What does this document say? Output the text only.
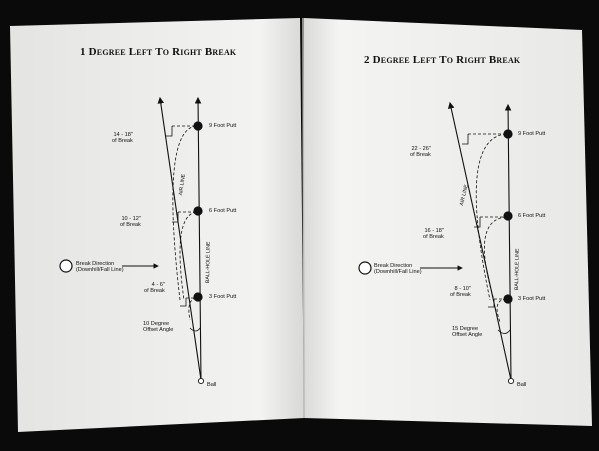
1 Degree Left To Right Break
9 Foot Putt
6 Foot Putt
3 Foot Putt
14 - 18"
of Break
10 - 12"
of Break
4 - 6"
of Break
10 Degree
Offset Angle
Break Direction
(Downhill/Fall Line)
Ball
AIR LINE
BALL-HOLE LINE
2 Degree Left To Right Break
9 Foot Putt
6 Foot Putt
3 Foot Putt
22 - 26"
of Break
16 - 18"
of Break
8 - 10"
of Break
15 Degree
Offset Angle
Break Direction
(Downhill/Fall Line)
Ball
AIR LINE
BALL-HOLE LINE
